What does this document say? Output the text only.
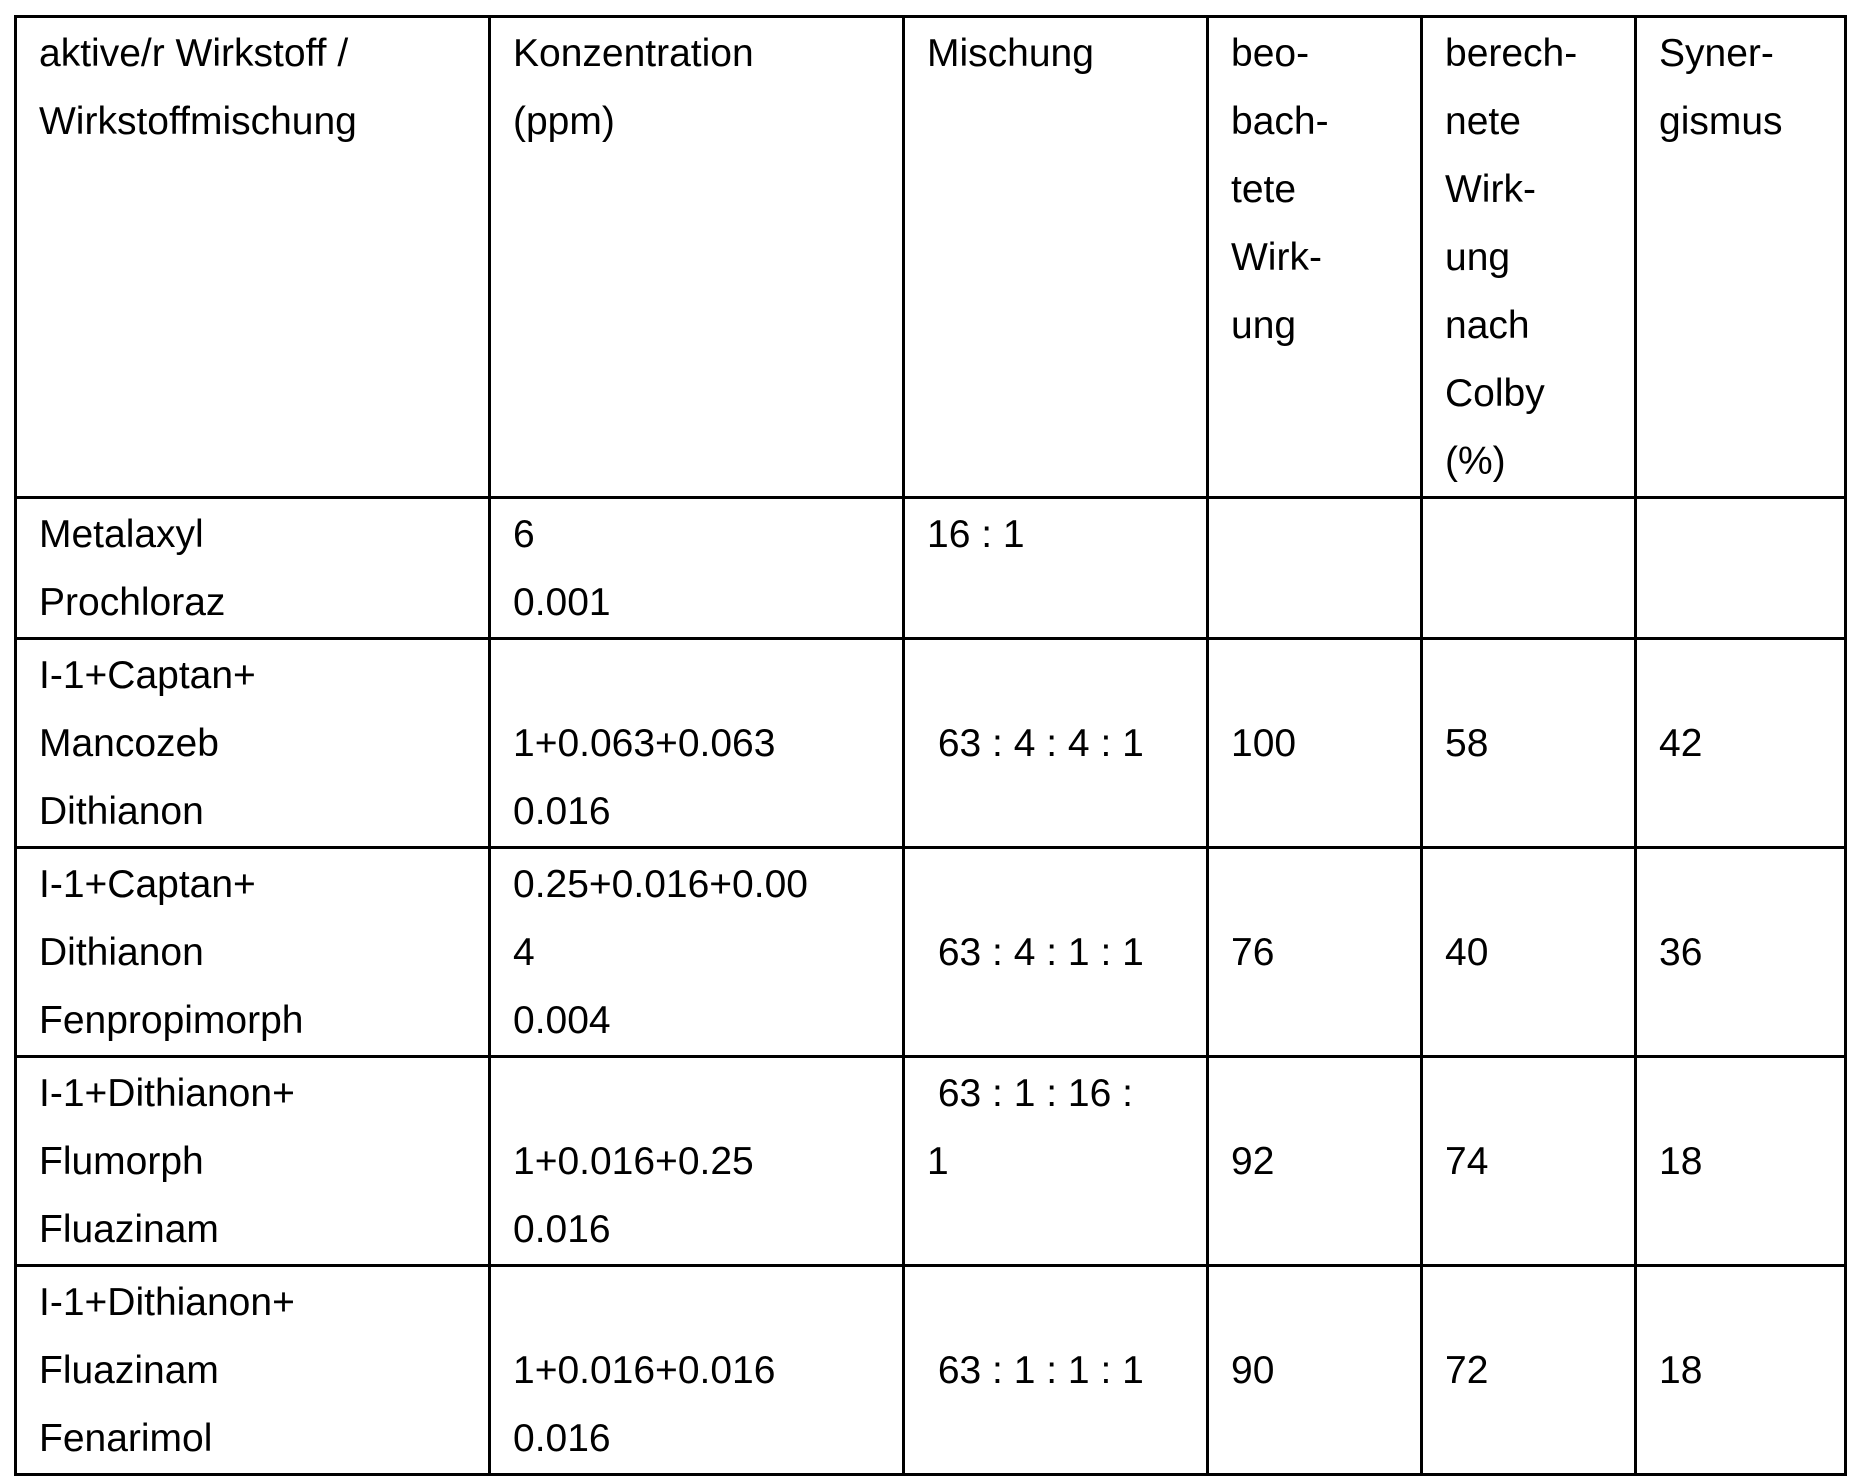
aktive/r Wirkstoff /
Wirkstoffmischung

Konzentration
(ppm)

Mischung	beo-
bach-
tete
Wirk-
ung

berech-
nete
Wirk-
ung
nach
Colby
(%)

Syner-
gismus

Metalaxyl
Prochloraz

6
0.001

16 : 1

I-1+Captan+
Mancozeb
Dithianon

1+0.063+0.063
0.016

63 : 4 : 4 : 1	100	58	42

I-1+Captan+
Dithianon
Fenpropimorph

0.25+0.016+0.00
4
0.004

63 : 4 : 1 : 1	76	40	36

I-1+Dithianon+
Flumorph
Fluazinam

1+0.016+0.25
0.016

63 : 1 : 16 :
1	92	74	18

I-1+Dithianon+
Fluazinam
Fenarimol

1+0.016+0.016
0.016

63 : 1 : 1 : 1	90	72	18
